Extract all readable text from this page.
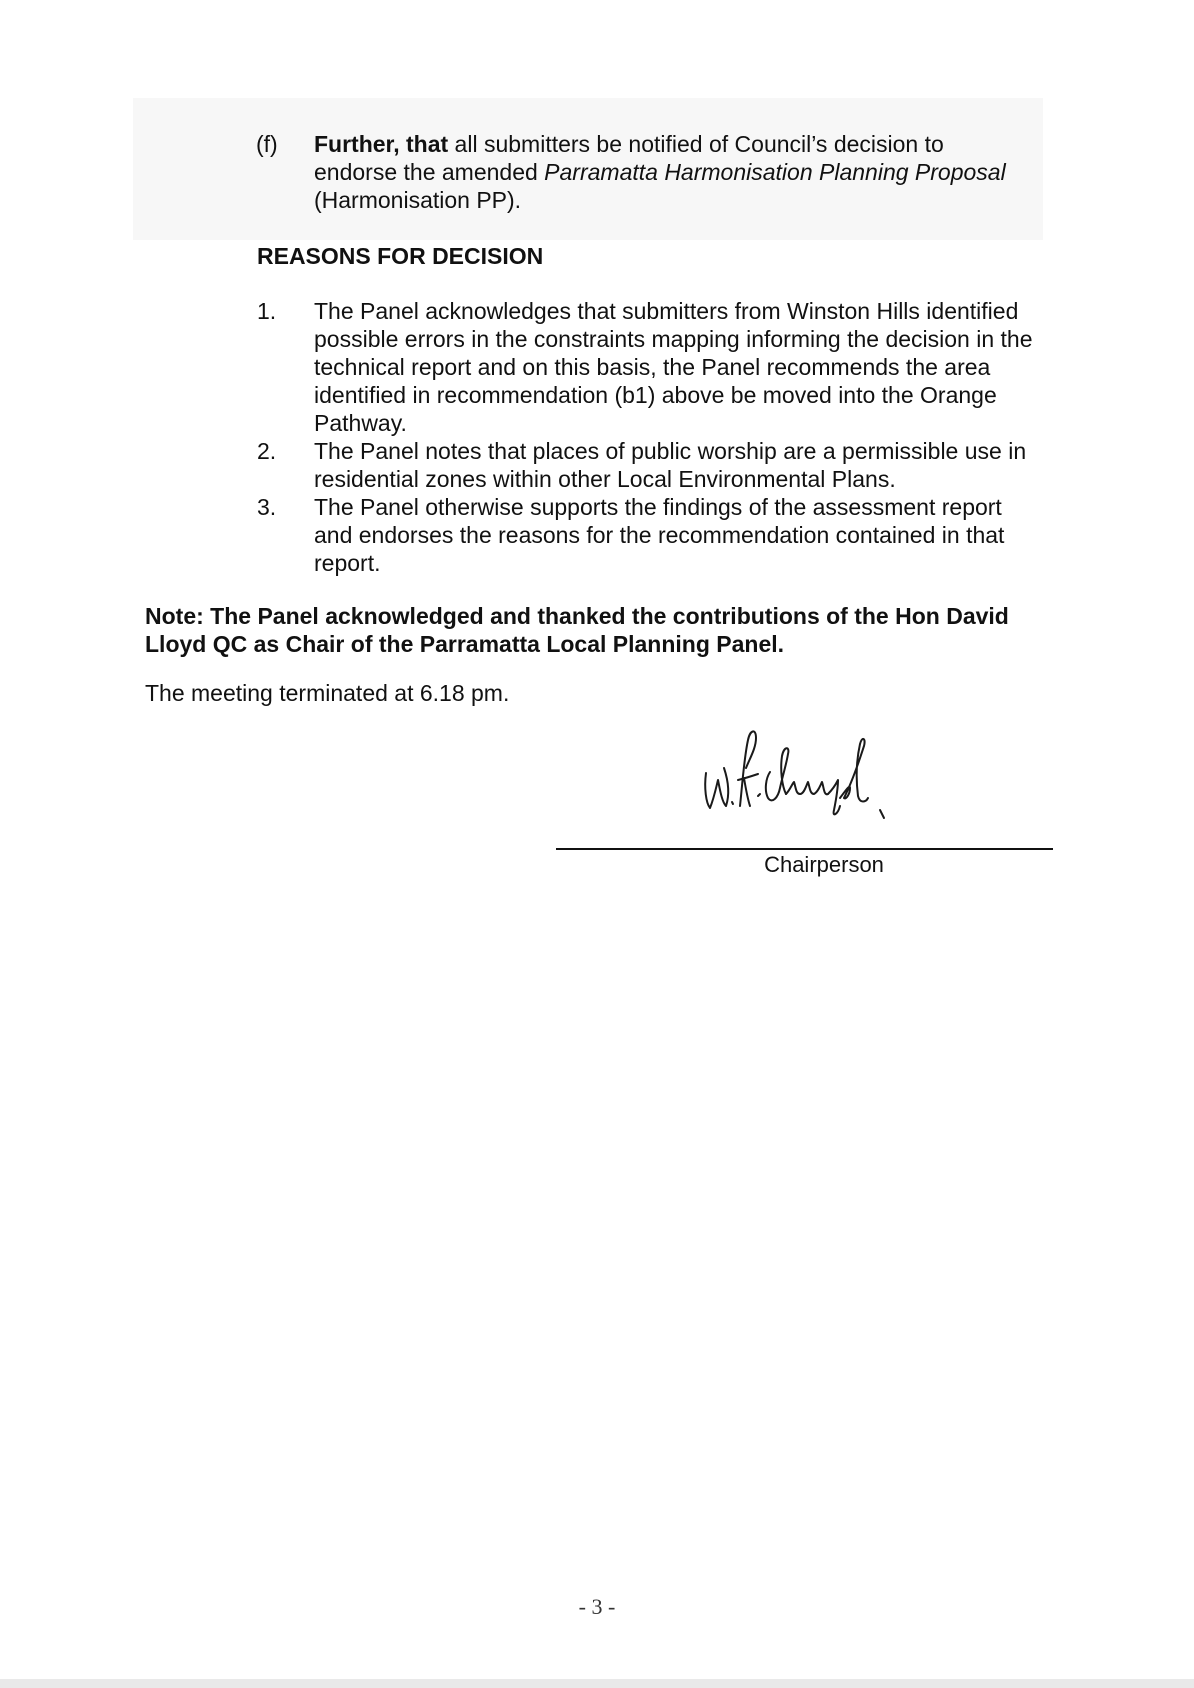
(f) Further, that all submitters be notified of Council’s decision to endorse the amended Parramatta Harmonisation Planning Proposal (Harmonisation PP).
REASONS FOR DECISION
1. The Panel acknowledges that submitters from Winston Hills identified possible errors in the constraints mapping informing the decision in the technical report and on this basis, the Panel recommends the area identified in recommendation (b1) above be moved into the Orange Pathway.
2. The Panel notes that places of public worship are a permissible use in residential zones within other Local Environmental Plans.
3. The Panel otherwise supports the findings of the assessment report and endorses the reasons for the recommendation contained in that report.
Note: The Panel acknowledged and thanked the contributions of the Hon David Lloyd QC as Chair of the Parramatta Local Planning Panel.
The meeting terminated at 6.18 pm.
Chairperson
- 3 -
